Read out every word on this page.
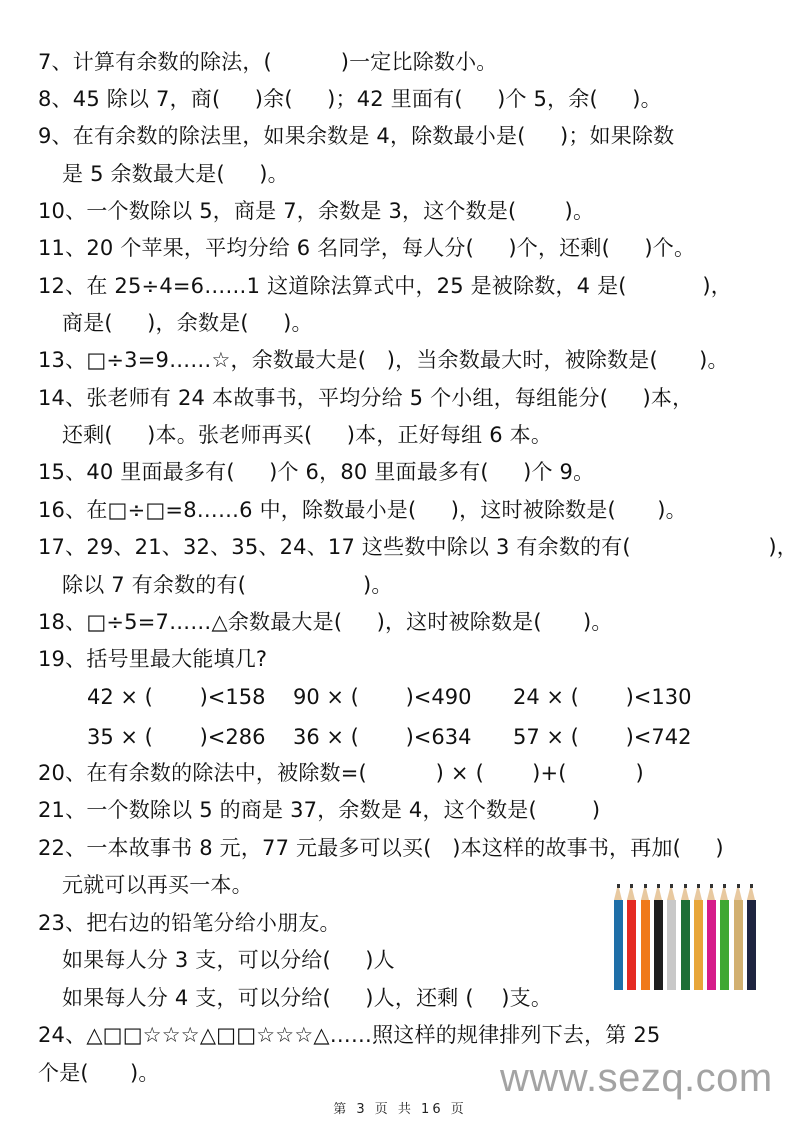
7、计算有余数的除法，(          )一定比除数小。
8、45 除以 7，商(     )余(     )；42 里面有(     )个 5，余(     )。
9、在有余数的除法里，如果余数是 4，除数最小是(     )；如果除数
是 5 余数最大是(     )。
10、一个数除以 5，商是 7，余数是 3，这个数是(       )。
11、20 个苹果，平均分给 6 名同学，每人分(     )个，还剩(     )个。
12、在 25÷4=6……1 这道除法算式中，25 是被除数，4 是(           )，
商是(     )，余数是(     )。
13、□÷3=9……☆，余数最大是(   )，当余数最大时，被除数是(      )。
14、张老师有 24 本故事书，平均分给 5 个小组，每组能分(     )本，
还剩(     )本。张老师再买(     )本，正好每组 6 本。
15、40 里面最多有(     )个 6，80 里面最多有(     )个 9。
16、在□÷□=8……6 中，除数最小是(     )，这时被除数是(      )。
17、29、21、32、35、24、17 这些数中除以 3 有余数的有(                    )，
除以 7 有余数的有(                 )。
18、□÷5=7……△余数最大是(     )，这时被除数是(      )。
19、括号里最大能填几?
42 × (       )<158 90 × (       )<490 24 × (       )<130
35 × (       )<286 36 × (       )<634 57 × (       )<742
20、在有余数的除法中，被除数=(          ) × (       )+(          )
21、一个数除以 5 的商是 37，余数是 4，这个数是(        )
22、一本故事书 8 元，77 元最多可以买(   )本这样的故事书，再加(     )
元就可以再买一本。
23、把右边的铅笔分给小朋友。
如果每人分 3 支，可以分给(     )人
如果每人分 4 支，可以分给(     )人，还剩 (    )支。
24、△□□☆☆☆△□□☆☆☆△……照这样的规律排列下去，第 25
个是(      )。	www.sezq.com
第 3 页 共 16 页
